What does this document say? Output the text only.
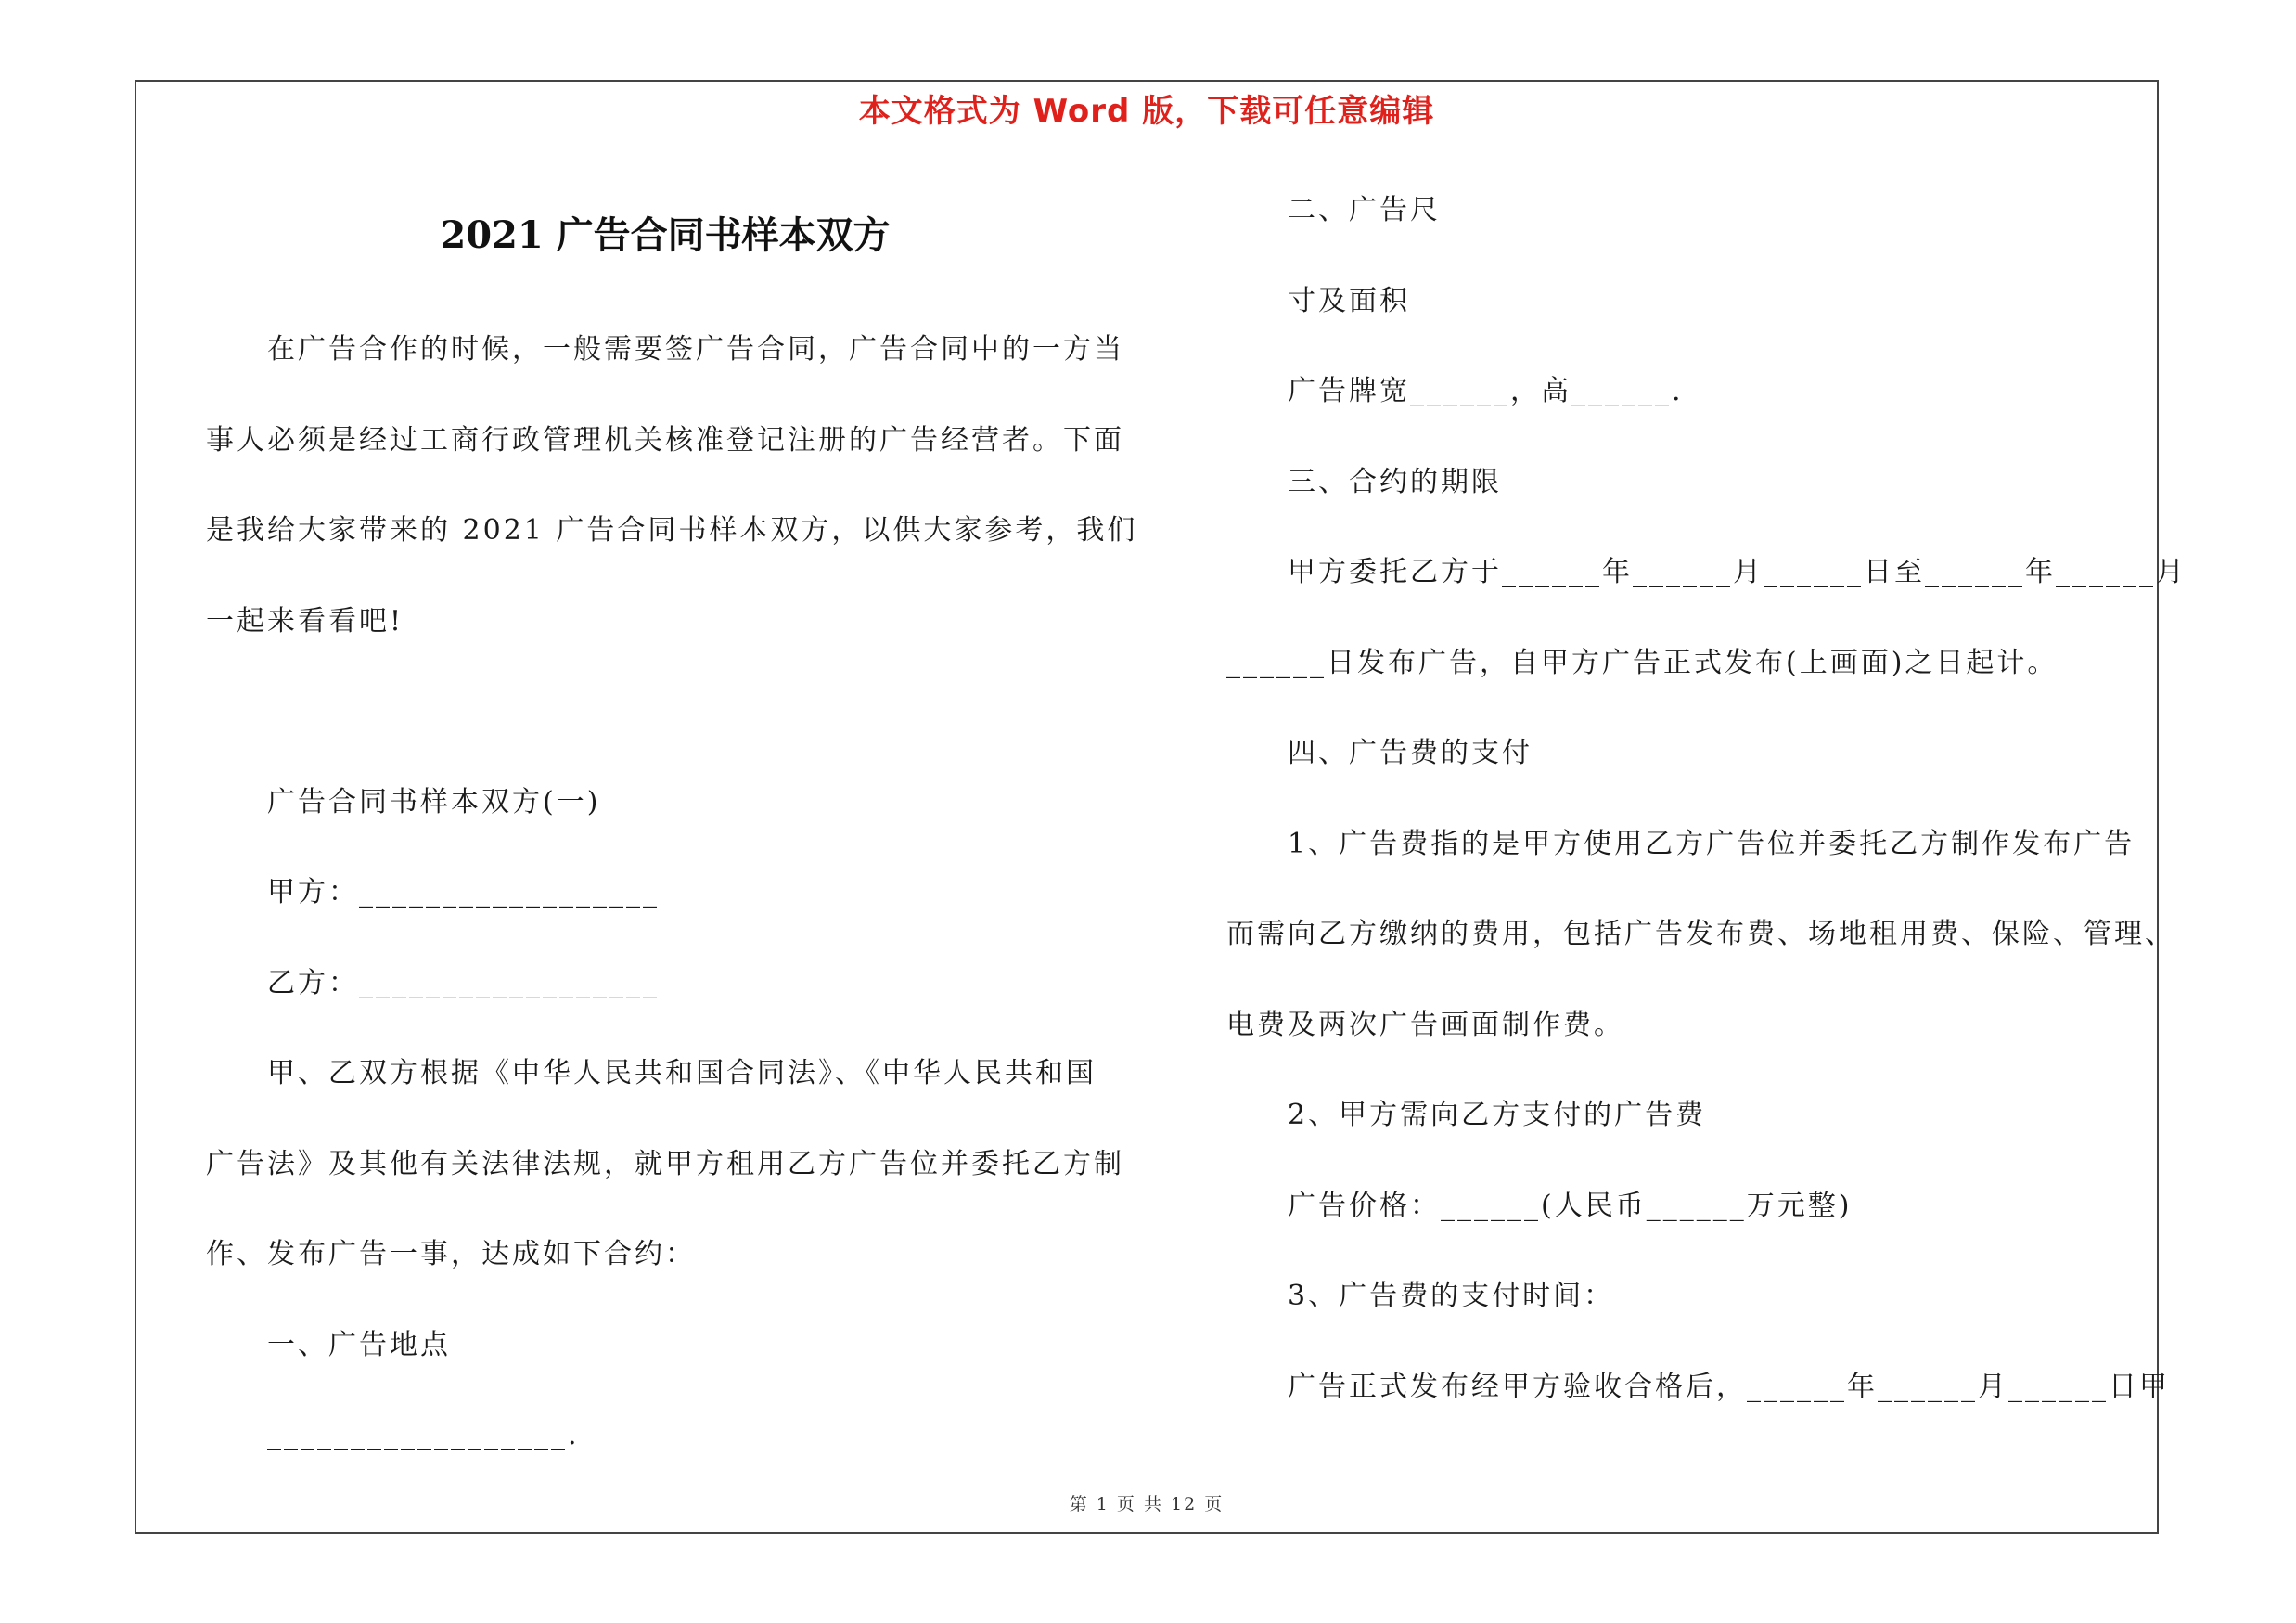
本文格式为 Word 版，下载可任意编辑
2021 广告合同书样本双方
在广告合作的时候，一般需要签广告合同，广告合同中的一方当
事人必须是经过工商行政管理机关核准登记注册的广告经营者。下面
是我给大家带来的 2021 广告合同书样本双方，以供大家参考，我们
一起来看看吧!
广告合同书样本双方(一)
甲方：__________________
乙方：__________________
甲、乙双方根据《中华人民共和国合同法》、《中华人民共和国
广告法》及其他有关法律法规，就甲方租用乙方广告位并委托乙方制
作、发布广告一事，达成如下合约：
一、广告地点
__________________.
二、广告尺
寸及面积
广告牌宽______，高______.
三、合约的期限
甲方委托乙方于______年______月______日至______年______月
______日发布广告，自甲方广告正式发布(上画面)之日起计。
四、广告费的支付
1、广告费指的是甲方使用乙方广告位并委托乙方制作发布广告
而需向乙方缴纳的费用，包括广告发布费、场地租用费、保险、管理、
电费及两次广告画面制作费。
2、甲方需向乙方支付的广告费
广告价格：______(人民币______万元整)
3、广告费的支付时间：
广告正式发布经甲方验收合格后，______年______月______日甲
第 1 页 共 12 页
